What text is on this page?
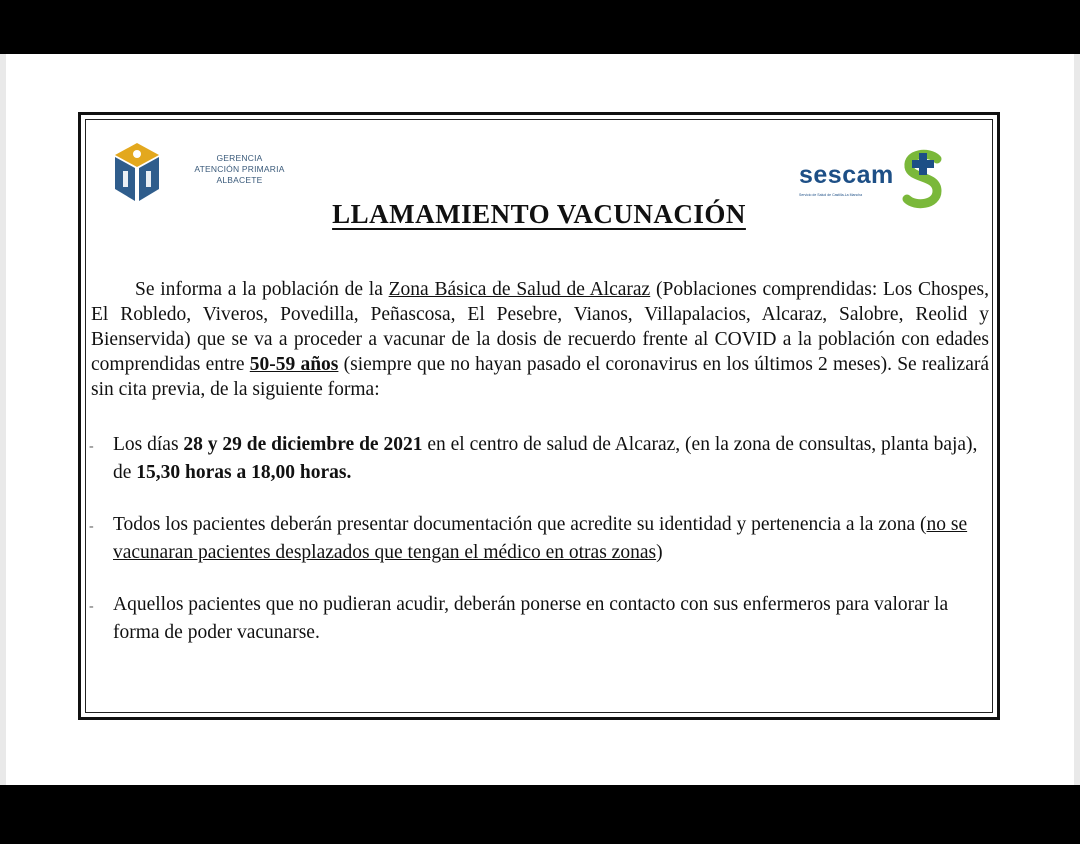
GERENCIA
ATENCIÓN PRIMARIA
ALBACETE	sescam
Servicio de Salud de Castilla-La Mancha
LLAMAMIENTO VACUNACIÓN
Se informa a la población de la Zona Básica de Salud de Alcaraz (Poblaciones comprendidas: Los Chospes, El Robledo, Viveros, Povedilla, Peñascosa, El Pesebre, Vianos, Villapalacios, Alcaraz, Salobre, Reolid y Bienservida) que se va a proceder a vacunar de la dosis de recuerdo frente al COVID a la población con edades comprendidas entre 50-59 años (siempre que no hayan pasado el coronavirus en los últimos 2 meses). Se realizará sin cita previa, de la siguiente forma:
- Los días 28 y 29 de diciembre de 2021 en el centro de salud de Alcaraz, (en la zona de consultas, planta baja), de 15,30 horas a 18,00 horas.
- Todos los pacientes deberán presentar documentación que acredite su identidad y pertenencia a la zona (no se vacunaran pacientes desplazados que tengan el médico en otras zonas)
- Aquellos pacientes que no pudieran acudir, deberán ponerse en contacto con sus enfermeros para valorar la forma de poder vacunarse.
